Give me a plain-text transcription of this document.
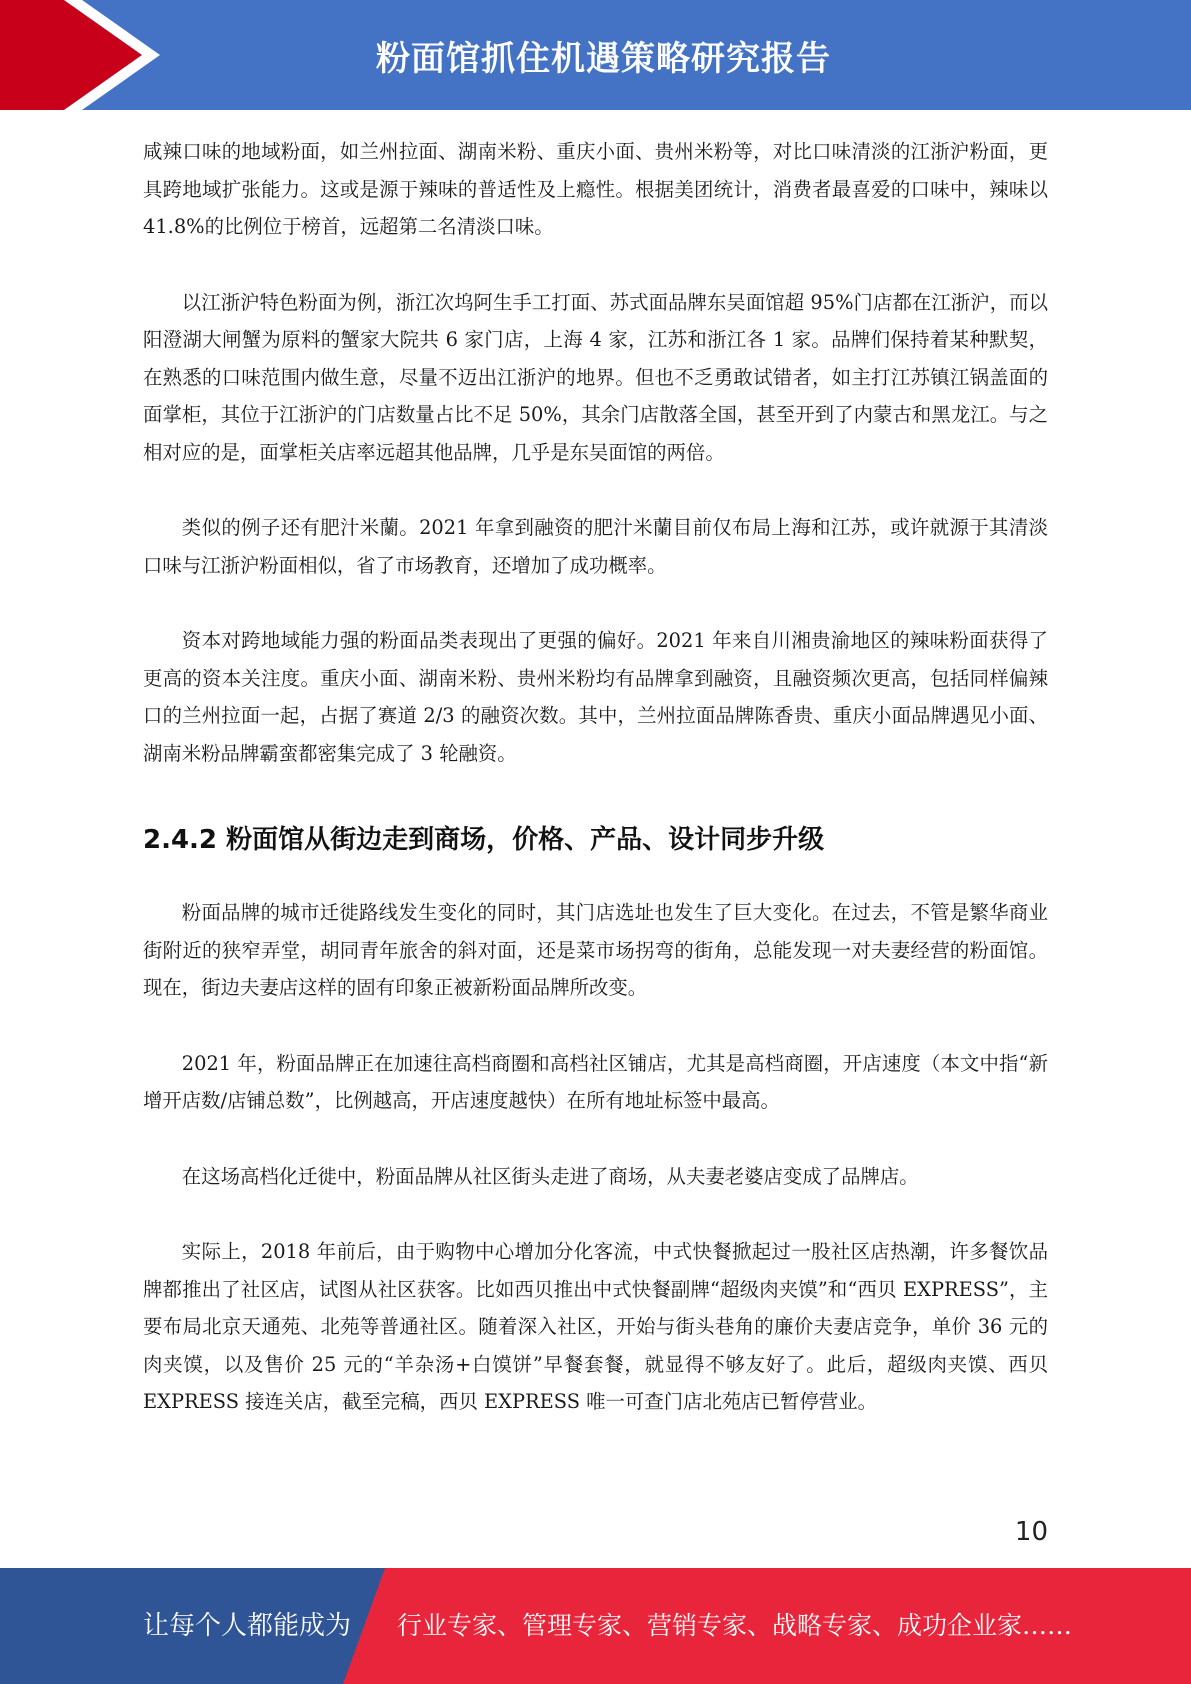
粉面馆抓住机遇策略研究报告

咸辣口味的地域粉面，如兰州拉面、湖南米粉、重庆小面、贵州米粉等，对比口味清淡的江浙沪粉面，更具跨地域扩张能力。这或是源于辣味的普适性及上瘾性。根据美团统计，消费者最喜爱的口味中，辣味以 41.8%的比例位于榜首，远超第二名清淡口味。

以江浙沪特色粉面为例，浙江次坞阿生手工打面、苏式面品牌东吴面馆超 95%门店都在江浙沪，而以阳澄湖大闸蟹为原料的蟹家大院共 6 家门店，上海 4 家，江苏和浙江各 1 家。品牌们保持着某种默契，在熟悉的口味范围内做生意，尽量不迈出江浙沪的地界。但也不乏勇敢试错者，如主打江苏镇江锅盖面的面掌柜，其位于江浙沪的门店数量占比不足 50%，其余门店散落全国，甚至开到了内蒙古和黑龙江。与之相对应的是，面掌柜关店率远超其他品牌，几乎是东吴面馆的两倍。

类似的例子还有肥汁米蘭。2021 年拿到融资的肥汁米蘭目前仅布局上海和江苏，或许就源于其清淡口味与江浙沪粉面相似，省了市场教育，还增加了成功概率。

资本对跨地域能力强的粉面品类表现出了更强的偏好。2021 年来自川湘贵渝地区的辣味粉面获得了更高的资本关注度。重庆小面、湖南米粉、贵州米粉均有品牌拿到融资，且融资频次更高，包括同样偏辣口的兰州拉面一起，占据了赛道 2/3 的融资次数。其中，兰州拉面品牌陈香贵、重庆小面品牌遇见小面、湖南米粉品牌霸蛮都密集完成了 3 轮融资。

2.4.2 粉面馆从街边走到商场，价格、产品、设计同步升级

粉面品牌的城市迁徙路线发生变化的同时，其门店选址也发生了巨大变化。在过去，不管是繁华商业街附近的狭窄弄堂，胡同青年旅舍的斜对面，还是菜市场拐弯的街角，总能发现一对夫妻经营的粉面馆。现在，街边夫妻店这样的固有印象正被新粉面品牌所改变。

2021 年，粉面品牌正在加速往高档商圈和高档社区铺店，尤其是高档商圈，开店速度（本文中指“新增开店数/店铺总数”，比例越高，开店速度越快）在所有地址标签中最高。

在这场高档化迁徙中，粉面品牌从社区街头走进了商场，从夫妻老婆店变成了品牌店。

实际上，2018 年前后，由于购物中心增加分化客流，中式快餐掀起过一股社区店热潮，许多餐饮品牌都推出了社区店，试图从社区获客。比如西贝推出中式快餐副牌“超级肉夹馍”和“西贝 EXPRESS”，主要布局北京天通苑、北苑等普通社区。随着深入社区，开始与街头巷角的廉价夫妻店竞争，单价 36 元的肉夹馍，以及售价 25 元的“羊杂汤+白馍饼”早餐套餐，就显得不够友好了。此后，超级肉夹馍、西贝 EXPRESS 接连关店，截至完稿，西贝 EXPRESS 唯一可查门店北苑店已暂停营业。

10
让每个人都能成为 行业专家、管理专家、营销专家、战略专家、成功企业家……
